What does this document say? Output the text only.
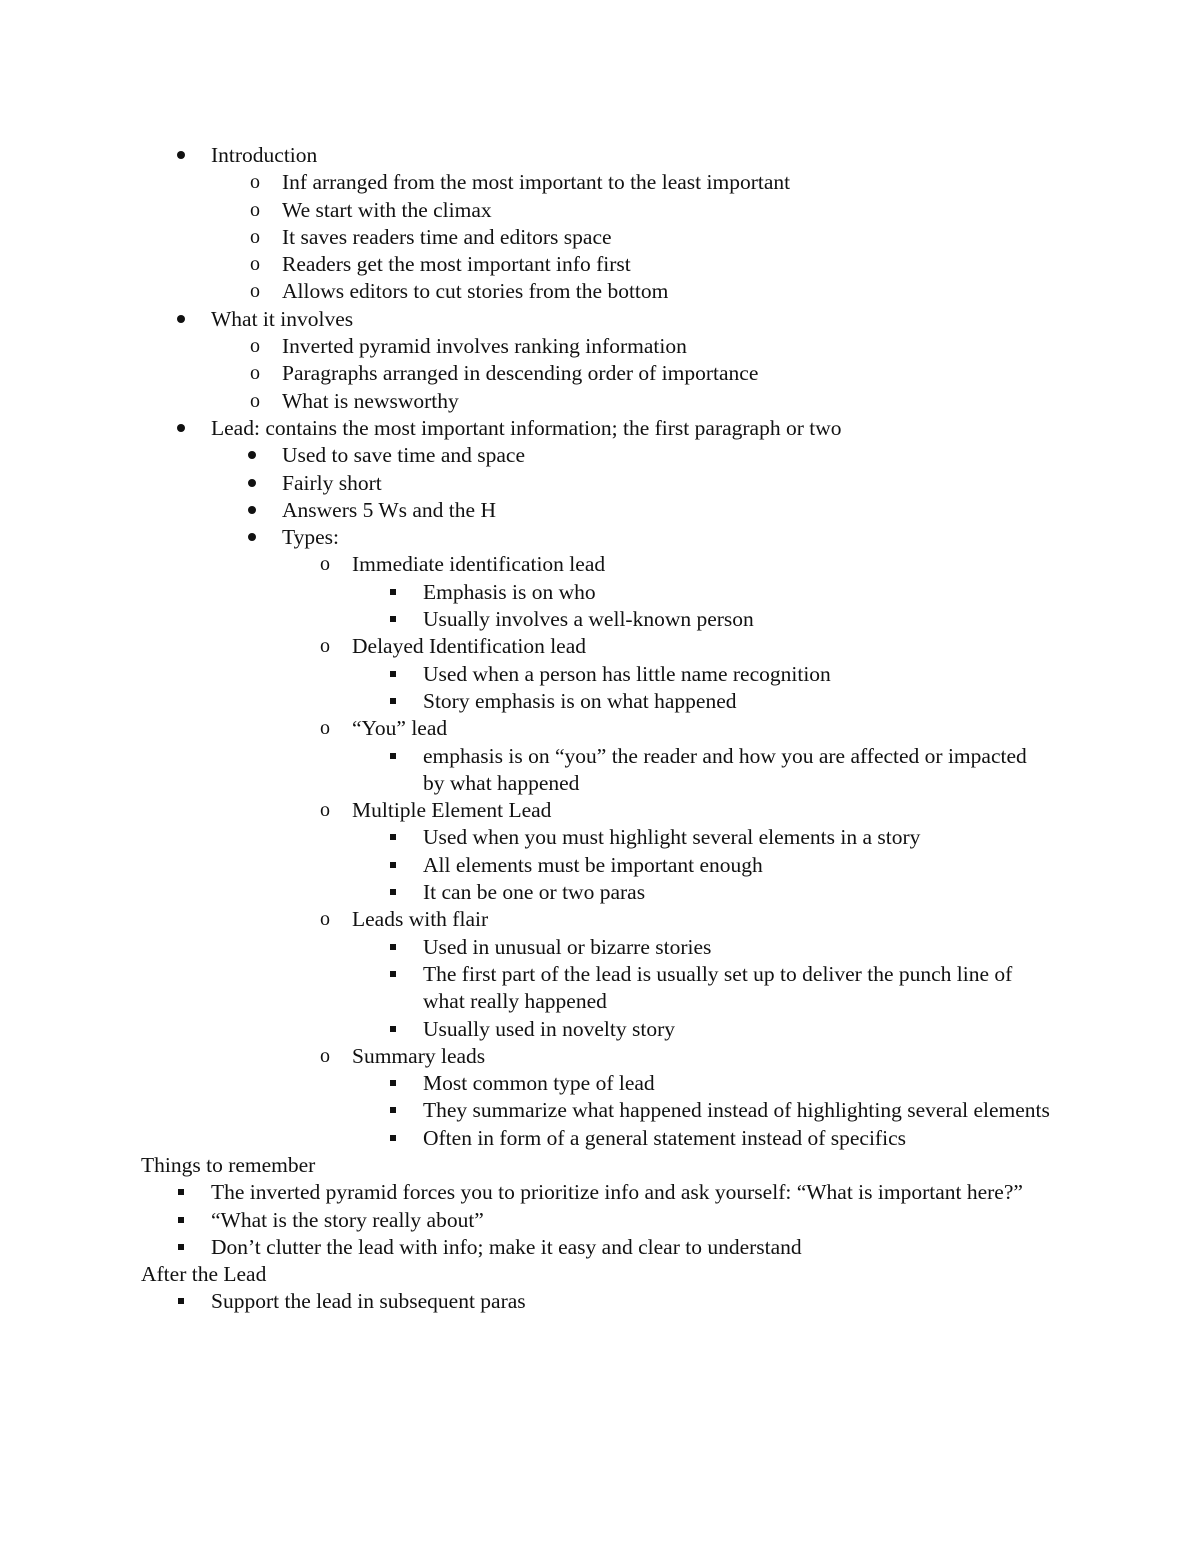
Introduction
o Inf arranged from the most important to the least important
o We start with the climax
o It saves readers time and editors space
o Readers get the most important info first
o Allows editors to cut stories from the bottom
What it involves
o Inverted pyramid involves ranking information
o Paragraphs arranged in descending order of importance
o What is newsworthy
Lead: contains the most important information; the first paragraph or two
Used to save time and space
Fairly short
Answers 5 Ws and the H
Types:
o Immediate identification lead
Emphasis is on who
Usually involves a well-known person
o Delayed Identification lead
Used when a person has little name recognition
Story emphasis is on what happened
o “You” lead
emphasis is on “you” the reader and how you are affected or impacted by what happened
o Multiple Element Lead
Used when you must highlight several elements in a story
All elements must be important enough
It can be one or two paras
o Leads with flair
Used in unusual or bizarre stories
The first part of the lead is usually set up to deliver the punch line of what really happened
Usually used in novelty story
o Summary leads
Most common type of lead
They summarize what happened instead of highlighting several elements
Often in form of a general statement instead of specifics
Things to remember
The inverted pyramid forces you to prioritize info and ask yourself: “What is important here?”
“What is the story really about”
Don’t clutter the lead with info; make it easy and clear to understand
After the Lead
Support the lead in subsequent paras
